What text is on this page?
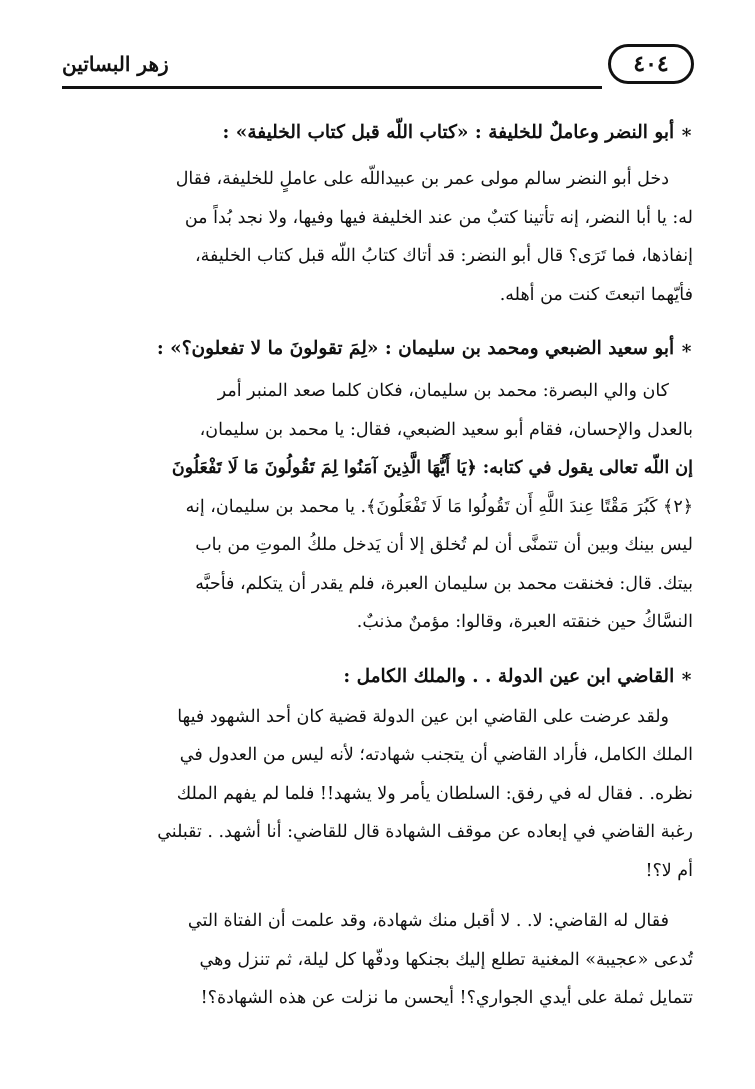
٤٠٤
زهر البساتين

∗أبو النضر وعاملٌ للخليفة : «كتاب اللّه قبل كتاب الخليفة» :

دخل أبو النضر سالم مولى عمر بن عبيداللّه على عاملٍ للخليفة، فقال

له: يا أبا النضر، إنه تأتينا كتبٌ من عند الخليفة فيها وفيها، ولا نجد بُداً من

إنفاذها، فما تَرَى؟ قال أبو النضر: قد أتاك كتابُ اللّه قبل كتاب الخليفة،

فأيّهما اتبعتَ كنت من أهله.

∗أبو سعيد الضبعي ومحمد بن سليمان : «لِمَ تقولونَ ما لا تفعلون؟» :

كان والي البصرة: محمد بن سليمان، فكان كلما صعد المنبر أمر

بالعدل والإحسان، فقام أبو سعيد الضبعي، فقال: يا محمد بن سليمان،

إن اللّه تعالى يقول في كتابه: ﴿يَا أَيُّهَا الَّذِينَ آمَنُوا لِمَ تَقُولُونَ مَا لَا تَفْعَلُونَ

﴿٢﴾ كَبُرَ مَقْتًا عِندَ اللَّهِ أَن تَقُولُوا مَا لَا تَفْعَلُونَ﴾. يا محمد بن سليمان، إنه

ليس بينك وبين أن تتمنَّى أن لم تُخلق إلا أن يَدخل ملكُ الموتِ من باب

بيتك. قال: فخنقت محمد بن سليمان العبرة، فلم يقدر أن يتكلم، فأحبَّه

النسَّاكُ حين خنقته العبرة، وقالوا: مؤمنٌ مذنبٌ.

∗القاضي ابن عين الدولة . . والملك الكامل :

ولقد عرضت على القاضي ابن عين الدولة قضية كان أحد الشهود فيها

الملك الكامل، فأراد القاضي أن يتجنب شهادته؛ لأنه ليس من العدول في

نظره. . فقال له في رفق: السلطان يأمر ولا يشهد!! فلما لم يفهم الملك

رغبة القاضي في إبعاده عن موقف الشهادة قال للقاضي: أنا أشهد. . تقبلني

أم لا؟!

فقال له القاضي: لا. . لا أقبل منك شهادة، وقد علمت أن الفتاة التي

تُدعى «عجيبة» المغنية تطلع إليك بجنكها ودفّها كل ليلة، ثم تنزل وهي

تتمايل ثملة على أيدي الجواري؟! أيحسن ما نزلت عن هذه الشهادة؟!
